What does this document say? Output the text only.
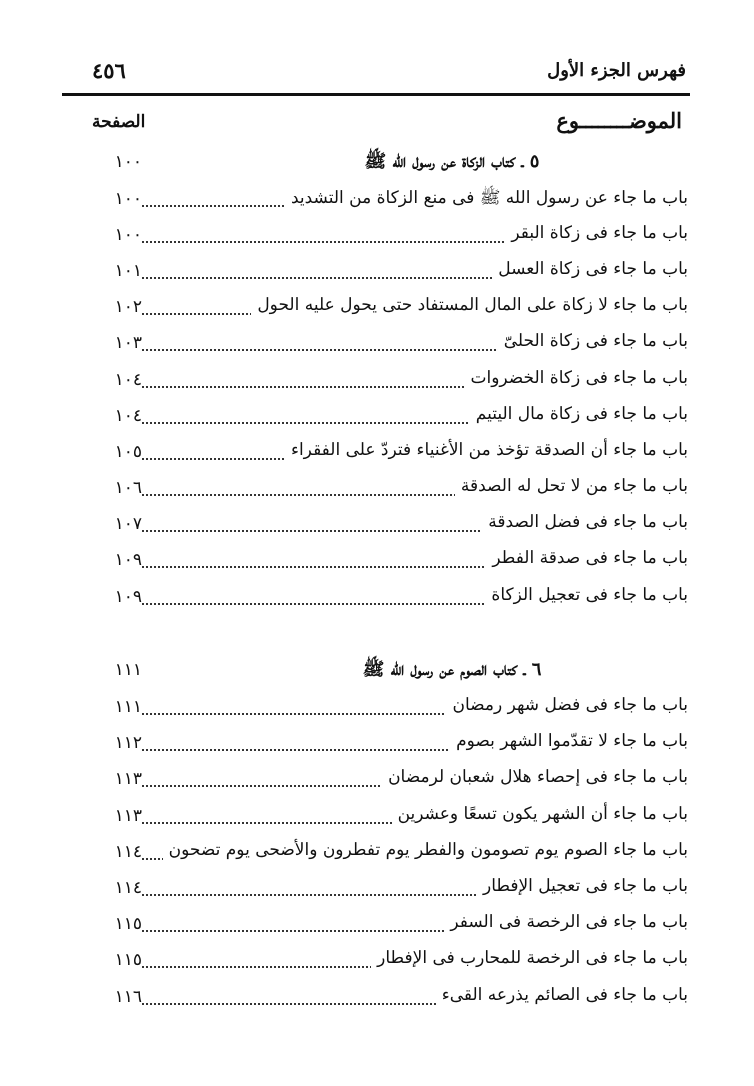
٤٥٦	فهرس الجزء الأول
الموضــــــــوع
الصفحة
٥ ـ كتاب الزكاة عن رسول الله ﷺ
١٠٠
باب ما جاء عن رسول الله ﷺ فى منع الزكاة من التشديد
١٠٠
باب ما جاء فى زكاة البقر
١٠٠
باب ما جاء فى زكاة العسل
١٠١
باب ما جاء لا زكاة على المال المستفاد حتى يحول عليه الحول
١٠٢
باب ما جاء فى زكاة الحلىّ
١٠٣
باب ما جاء فى زكاة الخضروات
١٠٤
باب ما جاء فى زكاة مال اليتيم
١٠٤
باب ما جاء أن الصدقة تؤخذ من الأغنياء فتردّ على الفقراء
١٠٥
باب ما جاء من لا تحل له الصدقة
١٠٦
باب ما جاء فى فضل الصدقة
١٠٧
باب ما جاء فى صدقة الفطر
١٠٩
باب ما جاء فى تعجيل الزكاة
١٠٩
٦ ـ كتاب الصوم عن رسول الله ﷺ
١١١
باب ما جاء فى فضل شهر رمضان
١١١
باب ما جاء لا تقدّموا الشهر بصوم
١١٢
باب ما جاء فى إحصاء هلال شعبان لرمضان
١١٣
باب ما جاء أن الشهر يكون تسعًا وعشرين
١١٣
باب ما جاء الصوم يوم تصومون والفطر يوم تفطرون والأضحى يوم تضحون
١١٤
باب ما جاء فى تعجيل الإفطار
١١٤
باب ما جاء فى الرخصة فى السفر
١١٥
باب ما جاء فى الرخصة للمحارب فى الإفطار
١١٥
باب ما جاء فى الصائم يذرعه القىء
١١٦
